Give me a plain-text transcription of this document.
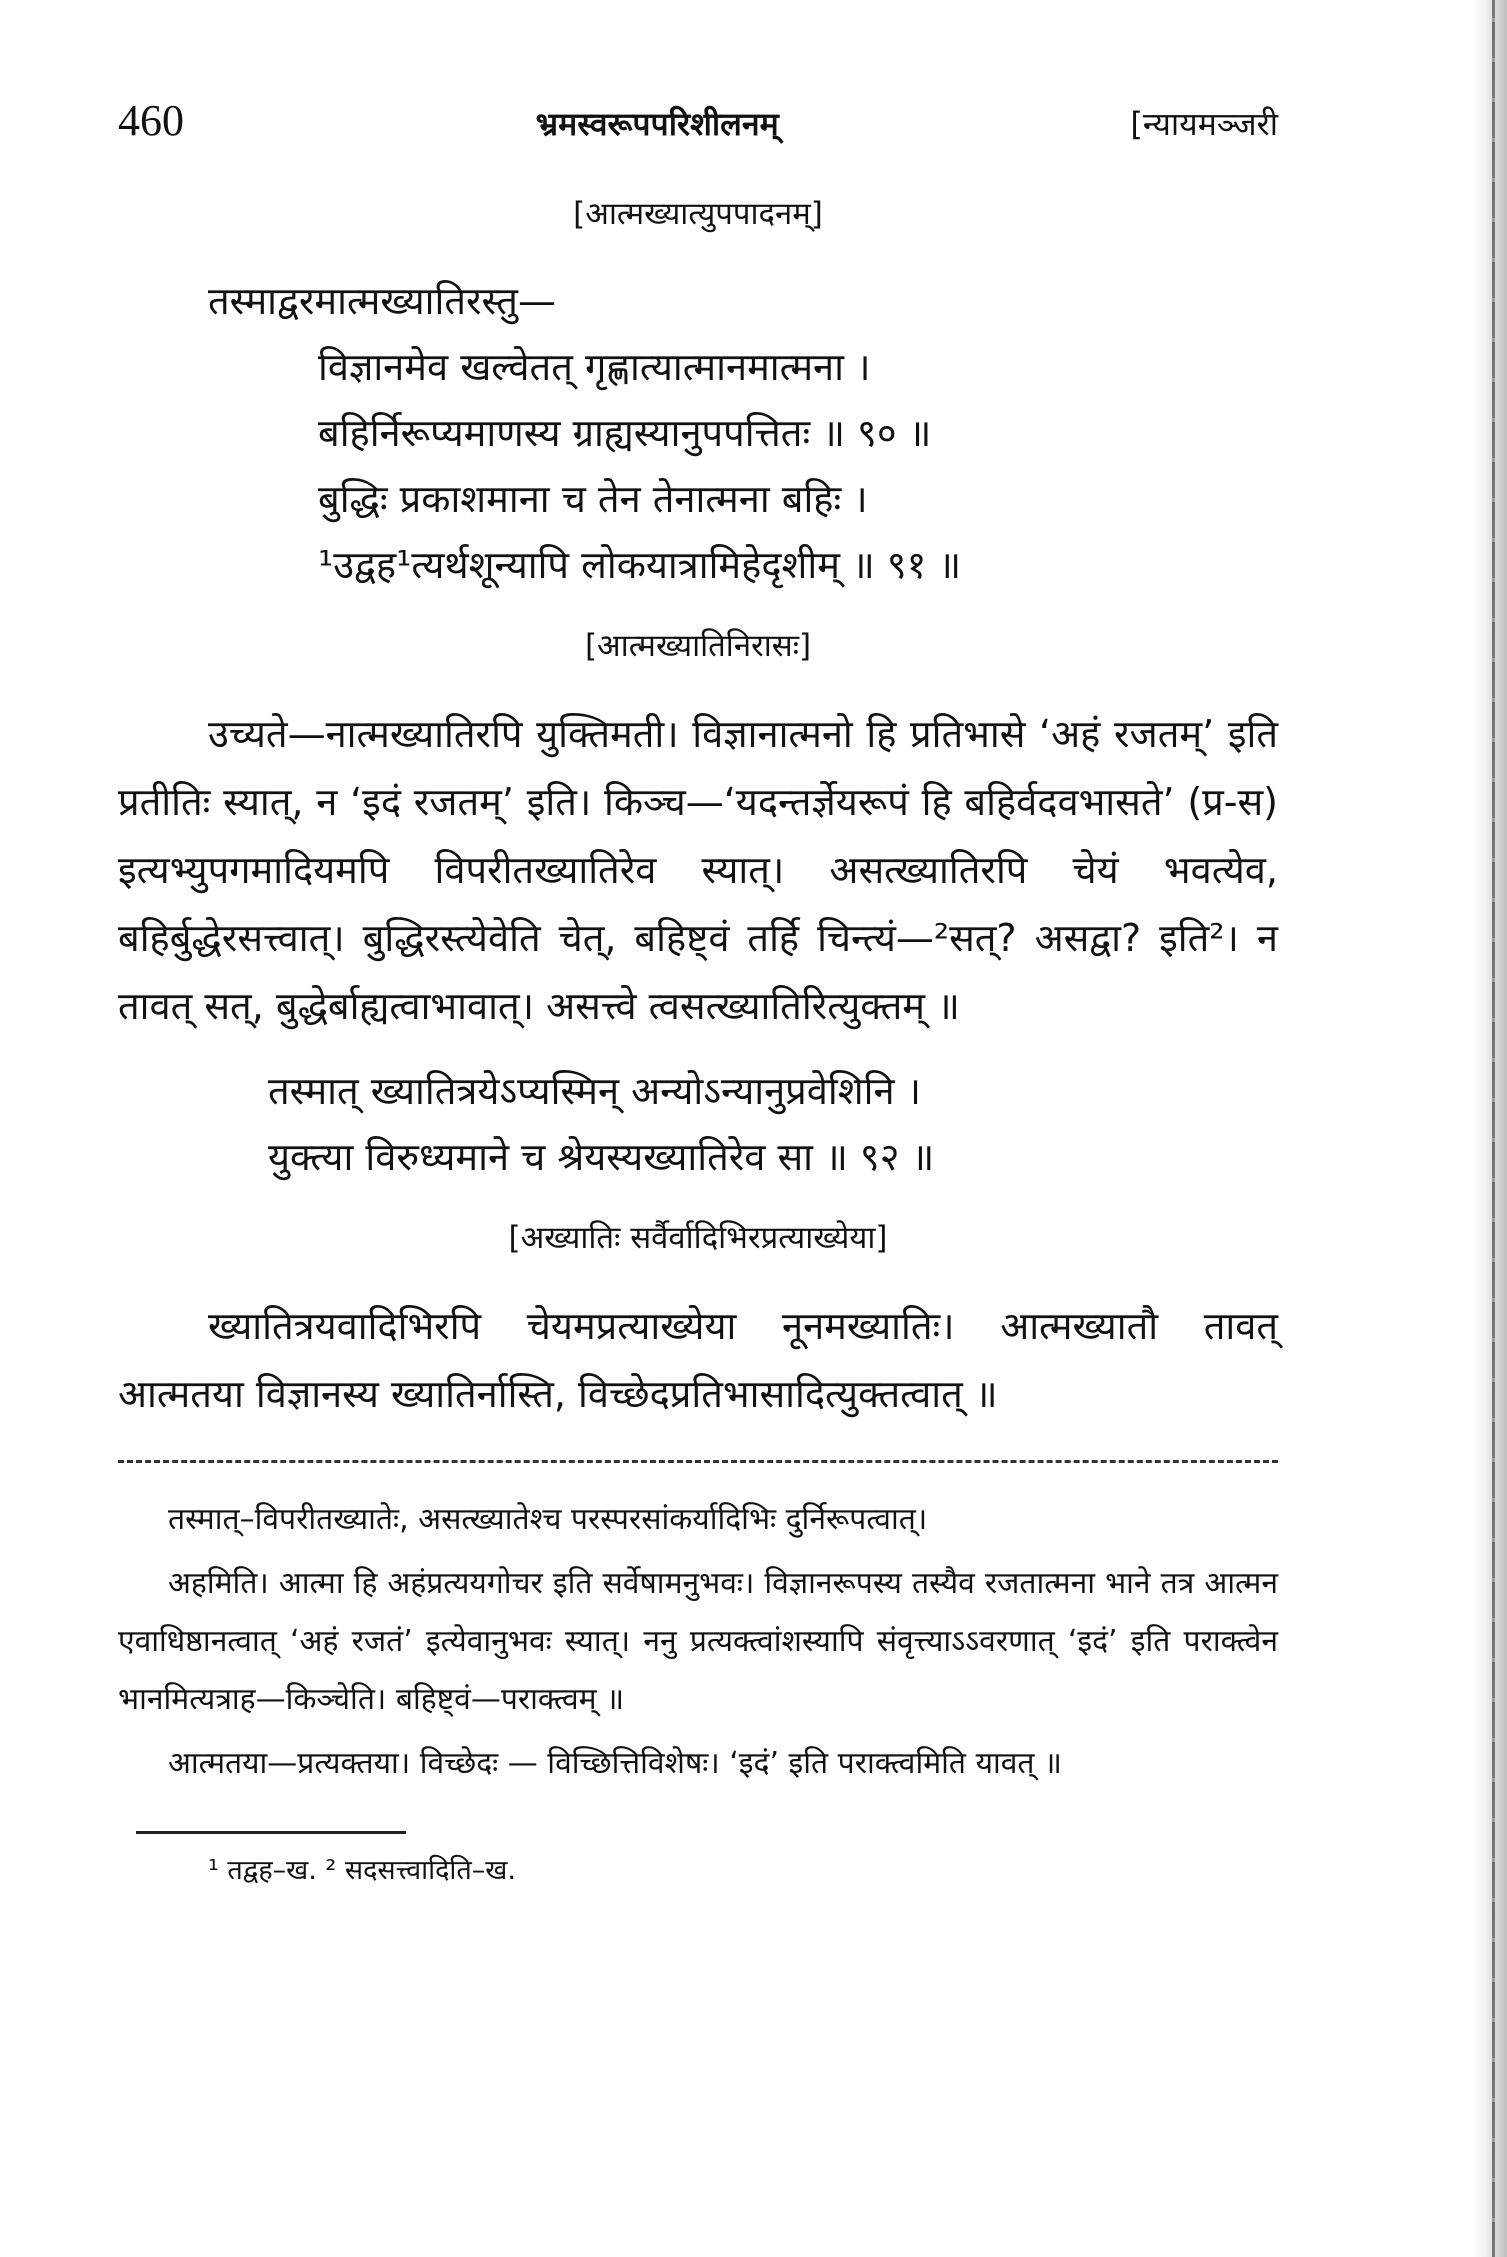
460	भ्रमस्वरूपपरिशीलनम्	[न्यायमञ्जरी
[आत्मख्यात्युपपादनम्]
तस्माद्वरमात्मख्यातिरस्तु—
विज्ञानमेव खल्वेतत् गृह्णात्यात्मानमात्मना ।
बहिर्निरूप्यमाणस्य ग्राह्यस्यानुपपत्तितः ॥ ९० ॥
बुद्धिः प्रकाशमाना च तेन तेनात्मना बहिः ।
¹उद्वह¹त्यर्थशून्यापि लोकयात्रामिहेदृशीम् ॥ ९१ ॥
[आत्मख्यातिनिरासः]

उच्यते—नात्मख्यातिरपि युक्तिमती। विज्ञानात्मनो हि प्रतिभासे ‘अहं रजतम्’ इति प्रतीतिः स्यात्, न ‘इदं रजतम्’ इति। किञ्च—‘यदन्तर्ज्ञेयरूपं हि बहिर्वदवभासते’ (प्र-स) इत्यभ्युपगमादियमपि विपरीतख्यातिरेव स्यात्। असत्ख्यातिरपि चेयं भवत्येव, बहिर्बुद्धेरसत्त्वात्। बुद्धिरस्त्येवेति चेत्, बहिष्ट्वं तर्हि चिन्त्यं—²सत्? असद्वा? इति²। न तावत् सत्, बुद्धेर्बाह्यत्वाभावात्। असत्त्वे त्वसत्ख्यातिरित्युक्तम् ॥

तस्मात् ख्यातित्रयेऽप्यस्मिन् अन्योऽन्यानुप्रवेशिनि ।
युक्त्या विरुध्यमाने च श्रेयस्यख्यातिरेव सा ॥ ९२ ॥
[अख्यातिः सर्वैर्वादिभिरप्रत्याख्येया]

ख्यातित्रयवादिभिरपि चेयमप्रत्याख्येया नूनमख्यातिः। आत्मख्यातौ तावत् आत्मतया विज्ञानस्य ख्यातिर्नास्ति, विच्छेदप्रतिभासादित्युक्तत्वात् ॥

तस्मात्–विपरीतख्यातेः, असत्ख्यातेश्च परस्परसांकर्यादिभिः दुर्निरूपत्वात्।

अहमिति। आत्मा हि अहंप्रत्ययगोचर इति सर्वेषामनुभवः। विज्ञानरूपस्य तस्यैव रजतात्मना भाने तत्र आत्मन एवाधिष्ठानत्वात् ‘अहं रजतं’ इत्येवानुभवः स्यात्। ननु प्रत्यक्त्वांशस्यापि संवृत्त्याऽऽवरणात् ‘इदं’ इति पराक्त्वेन भानमित्यत्राह—किञ्चेति। बहिष्ट्वं—पराक्त्वम् ॥

आत्मतया—प्रत्यक्तया। विच्छेदः — विच्छित्तिविशेषः। ‘इदं’ इति पराक्त्वमिति यावत् ॥

¹ तद्वह–ख. ² सदसत्त्वादिति–ख.
